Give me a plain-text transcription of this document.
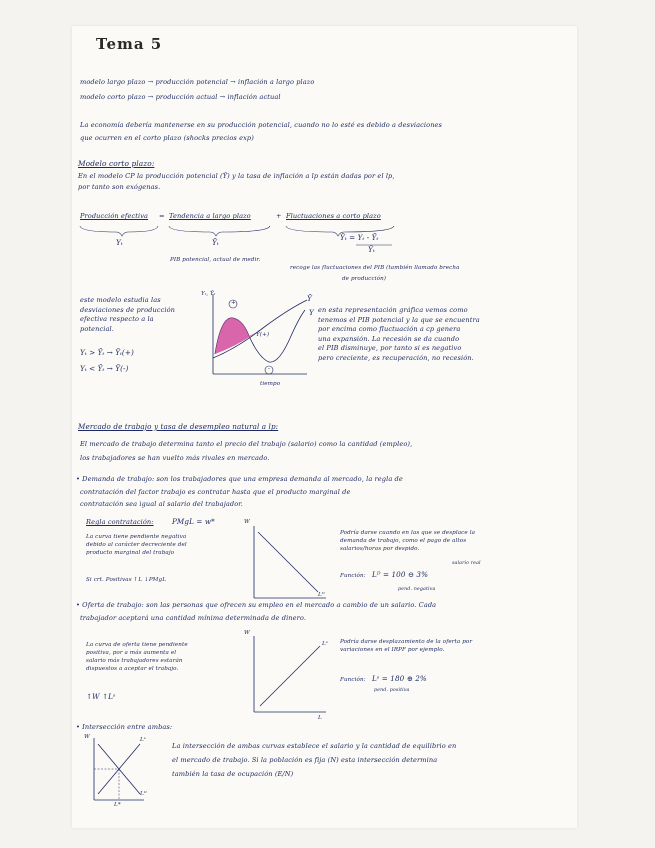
Tema 5
modelo largo plazo → producción potencial → inflación a largo plazo
modelo corto plazo → producción actual → inflación actual
La economía debería mantenerse en su producción potencial, cuando no lo esté es debido a desviaciones
que ocurren en el corto plazo (shocks precios exp)
Modelo corto plazo:
En el modelo CP la producción potencial (Ȳ) y la tasa de inflación a lp están dadas por el lp,
por tanto son exógenas.
Producción efectiva = Tendencia a largo plazo	+ Fluctuaciones a corto plazo
Yₜ	Ȳₜ
Ỹₜ = Yₜ - Ȳₜ
Ȳₜ
PIB potencial, actual de medir.
recoge las fluctuaciones del PIB (también llamado brecha
de producción)
este modelo estudia las
desviaciones de producción
efectiva respecto a la
potencial.
Yₜ > Ȳₜ → Ỹₜ(+)
Yₜ < Ȳₜ → Ỹ(-)
Yₜ, Ȳₜ
tiempo
Ȳ
Y
+
-
Ỹ(+)
en esta representación gráfica vemos como
tenemos el PIB potencial y la que se encuentra
por encima como fluctuación a cp genera
una expansión. La recesión se da cuando
el PIB disminuye, por tanto si es negativo
pero creciente, es recuperación, no recesión.
Mercado de trabajo y tasa de desempleo natural a lp:
El mercado de trabajo determina tanto el precio del trabajo (salario) como la cantidad (empleo),
los trabajadores se han vuelto más rivales en mercado.
• Demanda de trabajo: son los trabajadores que una empresa demanda al mercado, la regla de
contratación del factor trabajo es contratar hasta que el producto marginal de
contratación sea igual al salario del trabajador.
Regla contratación:	PMgL = w*
La curva tiene pendiente negativa
debido al carácter decreciente del
producto marginal del trabajo
Si crt. Positivas ↑L ↓PMgL
W
Lᴰ
Podría darse cuando en las que se desplace la
demanda de trabajo, como el pago de altos
salarios/horas por despido.
Función: Lᴰ = 100 ⊖ 3%
salario real
pend. negativa
• Oferta de trabajo: son las personas que ofrecen su empleo en el mercado a cambio de un salario. Cada
trabajador aceptará una cantidad mínima determinada de dinero.
La curva de oferta tiene pendiente
positiva, por a más aumenta el
salario más trabajadores estarán
dispuestos a aceptar el trabajo.
↑W ↑Lˢ
W
Lˢ
L
Podría darse desplazamiento de la oferta por
variaciones en el IRPF por ejemplo.
Función: Lˢ = 180 ⊕ 2%
pend. positiva
• Intersección entre ambas:
W	Lˢ
Lᴰ
L*
La intersección de ambas curvas establece el salario y la cantidad de equilibrio en
el mercado de trabajo. Si la población es fija (N) esta intersección determina
también la tasa de ocupación (E/N)
